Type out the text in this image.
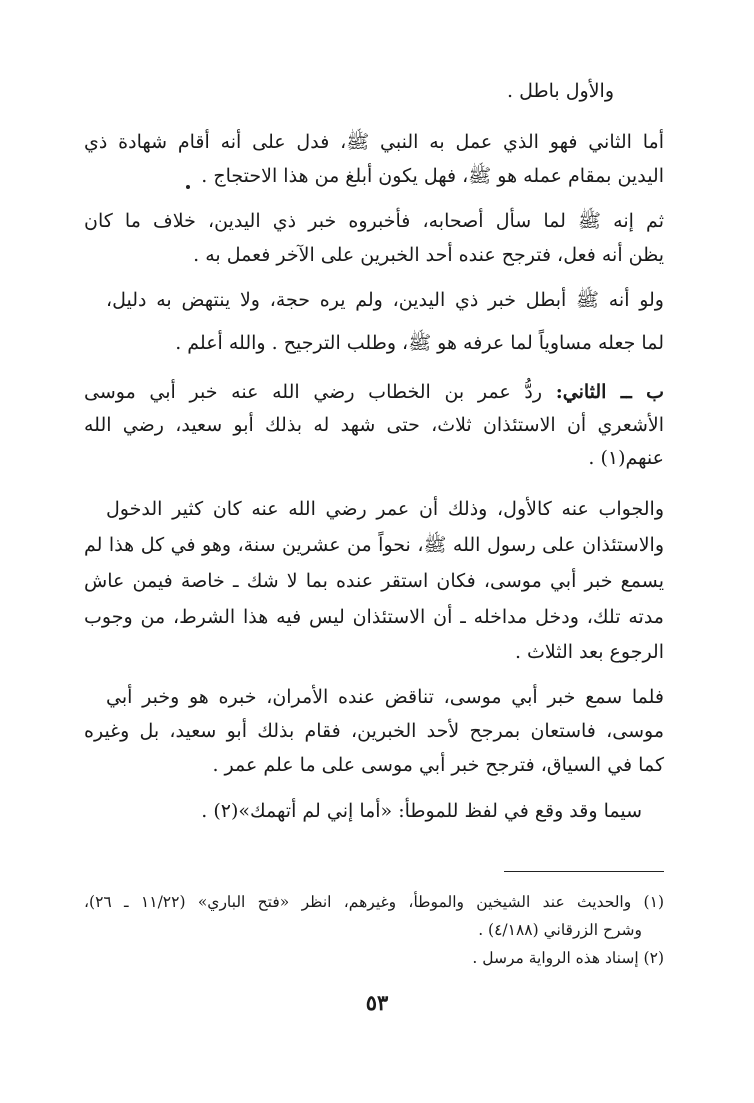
والأول باطل .
أما الثاني فهو الذي عمل به النبي ﷺ، فدل على أنه أقام شهادة ذي
اليدين بمقام عمله هو ﷺ، فهل يكون أبلغ من هذا الاحتجاج .
ثم إنه ﷺ لما سأل أصحابه، فأخبروه خبر ذي اليدين، خلاف ما كان
يظن أنه فعل، فترجح عنده أحد الخبرين على الآخر فعمل به .
ولو أنه ﷺ أبطل خبر ذي اليدين، ولم يره حجة، ولا ينتهض به دليل،
لما جعله مساوياً لما عرفه هو ﷺ، وطلب الترجيح . والله أعلم .
ب ــ الثاني: ردُّ عمر بن الخطاب رضي الله عنه خبر أبي موسى
الأشعري أن الاستئذان ثلاث، حتى شهد له بذلك أبو سعيد، رضي الله
عنهم(١) .
والجواب عنه كالأول، وذلك أن عمر رضي الله عنه كان كثير الدخول
والاستئذان على رسول الله ﷺ، نحواً من عشرين سنة، وهو في كل هذا لم
يسمع خبر أبي موسى، فكان استقر عنده بما لا شك ـ خاصة فيمن عاش
مدته تلك، ودخل مداخله ـ أن الاستئذان ليس فيه هذا الشرط، من وجوب
الرجوع بعد الثلاث .
فلما سمع خبر أبي موسى، تناقض عنده الأمران، خبره هو وخبر أبي
موسى، فاستعان بمرجح لأحد الخبرين، فقام بذلك أبو سعيد، بل وغيره
كما في السياق، فترجح خبر أبي موسى على ما علم عمر .
سيما وقد وقع في لفظ للموطأ: «أما إني لم أتهمك»(٢) .
(١) والحديث عند الشيخين والموطأ، وغيرهم، انظر «فتح الباري» (١١/٢٢ ـ ٢٦)،
وشرح الزرقاني (٤/١٨٨) .
(٢) إسناد هذه الرواية مرسل .
٥٣
